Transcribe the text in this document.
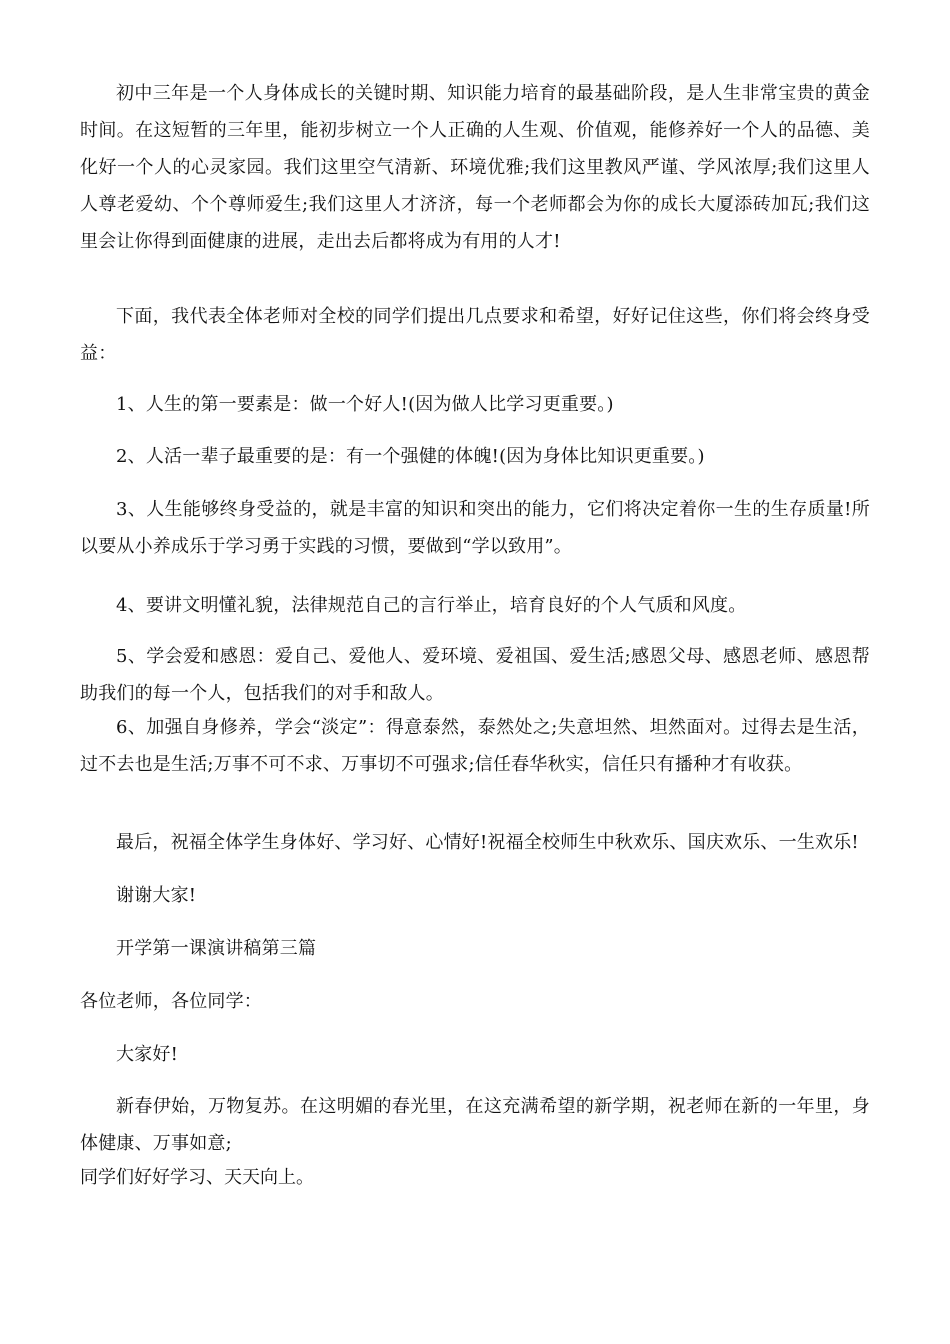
初中三年是一个人身体成长的关键时期、知识能力培育的最基础阶段，是人生非常宝贵的黄金时间。在这短暂的三年里，能初步树立一个人正确的人生观、价值观，能修养好一个人的品德、美化好一个人的心灵家园。我们这里空气清新、环境优雅;我们这里教风严谨、学风浓厚;我们这里人人尊老爱幼、个个尊师爱生;我们这里人才济济，每一个老师都会为你的成长大厦添砖加瓦;我们这里会让你得到面健康的进展，走出去后都将成为有用的人才!

下面，我代表全体老师对全校的同学们提出几点要求和希望，好好记住这些，你们将会终身受益：

1、人生的第一要素是：做一个好人!(因为做人比学习更重要。)

2、人活一辈子最重要的是：有一个强健的体魄!(因为身体比知识更重要。)

3、人生能够终身受益的，就是丰富的知识和突出的能力，它们将决定着你一生的生存质量!所以要从小养成乐于学习勇于实践的习惯，要做到“学以致用”。

4、要讲文明懂礼貌，法律规范自己的言行举止，培育良好的个人气质和风度。

5、学会爱和感恩：爱自己、爱他人、爱环境、爱祖国、爱生活;感恩父母、感恩老师、感恩帮助我们的每一个人，包括我们的对手和敌人。

6、加强自身修养，学会“淡定”：得意泰然，泰然处之;失意坦然、坦然面对。过得去是生活，过不去也是生活;万事不可不求、万事切不可强求;信任春华秋实，信任只有播种才有收获。

最后，祝福全体学生身体好、学习好、心情好!祝福全校师生中秋欢乐、国庆欢乐、一生欢乐!

谢谢大家!

开学第一课演讲稿第三篇

各位老师，各位同学：

大家好!

新春伊始，万物复苏。在这明媚的春光里，在这充满希望的新学期，祝老师在新的一年里，身体健康、万事如意;

同学们好好学习、天天向上。
